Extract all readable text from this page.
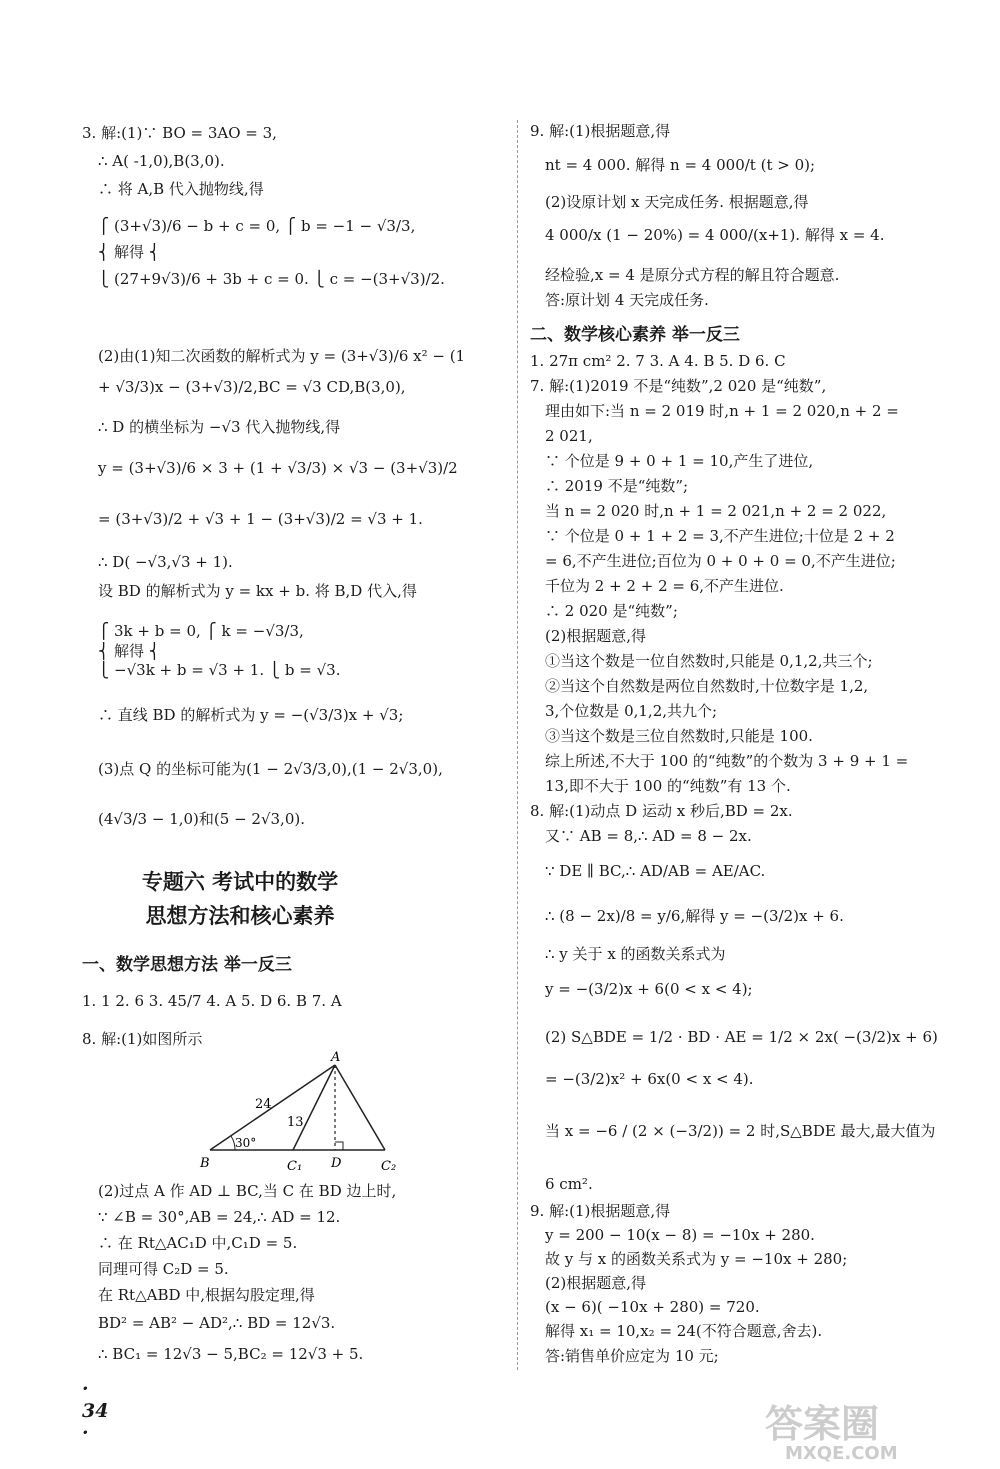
3. 解:(1)∵ BO = 3AO = 3,
∴ A( -1,0),B(3,0).
∴ 将 A,B 代入抛物线,得
⎧ (3+√3)/6 − b + c = 0, ⎧ b = −1 − √3/3,
⎨ 解得 ⎨
⎩ (27+9√3)/6 + 3b + c = 0. ⎩ c = −(3+√3)/2.
(2)由(1)知二次函数的解析式为 y = (3+√3)/6 x² − (1
+ √3/3)x − (3+√3)/2,BC = √3 CD,B(3,0),
∴ D 的横坐标为 −√3 代入抛物线,得
y = (3+√3)/6 × 3 + (1 + √3/3) × √3 − (3+√3)/2
= (3+√3)/2 + √3 + 1 − (3+√3)/2 = √3 + 1.
∴ D( −√3,√3 + 1).
设 BD 的解析式为 y = kx + b. 将 B,D 代入,得
⎧ 3k + b = 0, ⎧ k = −√3/3,
⎨ 解得 ⎨
⎩ −√3k + b = √3 + 1. ⎩ b = √3.
∴ 直线 BD 的解析式为 y = −(√3/3)x + √3;
(3)点 Q 的坐标可能为(1 − 2√3/3,0),(1 − 2√3,0),
(4√3/3 − 1,0)和(5 − 2√3,0).
专题六 考试中的数学
思想方法和核心素养
一、数学思想方法 举一反三
1. 1 2. 6 3. 45/7 4. A 5. D 6. B 7. A
8. 解:(1)如图所示
A
B	C₁ D	C₂
24
13
30°
(2)过点 A 作 AD ⊥ BC,当 C 在 BD 边上时,
∵ ∠B = 30°,AB = 24,∴ AD = 12.
∴ 在 Rt△AC₁D 中,C₁D = 5.
同理可得 C₂D = 5.
在 Rt△ABD 中,根据勾股定理,得
BD² = AB² − AD²,∴ BD = 12√3.
∴ BC₁ = 12√3 − 5,BC₂ = 12√3 + 5.
· 34 ·
9. 解:(1)根据题意,得
nt = 4 000. 解得 n = 4 000/t (t > 0);
(2)设原计划 x 天完成任务. 根据题意,得
4 000/x (1 − 20%) = 4 000/(x+1). 解得 x = 4.
经检验,x = 4 是原分式方程的解且符合题意.
答:原计划 4 天完成任务.
二、数学核心素养 举一反三
1. 27π cm² 2. 7 3. A 4. B 5. D 6. C
7. 解:(1)2019 不是“纯数”,2 020 是“纯数”,
理由如下:当 n = 2 019 时,n + 1 = 2 020,n + 2 =
2 021,
∵ 个位是 9 + 0 + 1 = 10,产生了进位,
∴ 2019 不是“纯数”;
当 n = 2 020 时,n + 1 = 2 021,n + 2 = 2 022,
∵ 个位是 0 + 1 + 2 = 3,不产生进位;十位是 2 + 2
= 6,不产生进位;百位为 0 + 0 + 0 = 0,不产生进位;
千位为 2 + 2 + 2 = 6,不产生进位.
∴ 2 020 是“纯数”;
(2)根据题意,得
①当这个数是一位自然数时,只能是 0,1,2,共三个;
②当这个自然数是两位自然数时,十位数字是 1,2,
3,个位数是 0,1,2,共九个;
③当这个数是三位自然数时,只能是 100.
综上所述,不大于 100 的“纯数”的个数为 3 + 9 + 1 =
13,即不大于 100 的“纯数”有 13 个.
8. 解:(1)动点 D 运动 x 秒后,BD = 2x.
又∵ AB = 8,∴ AD = 8 − 2x.
∵ DE ∥ BC,∴ AD/AB = AE/AC.
∴ (8 − 2x)/8 = y/6,解得 y = −(3/2)x + 6.
∴ y 关于 x 的函数关系式为
y = −(3/2)x + 6(0 < x < 4);
(2) S△BDE = 1/2 · BD · AE = 1/2 × 2x( −(3/2)x + 6)
= −(3/2)x² + 6x(0 < x < 4).
当 x = −6 / (2 × (−3/2)) = 2 时,S△BDE 最大,最大值为
6 cm².
9. 解:(1)根据题意,得
y = 200 − 10(x − 8) = −10x + 280.
故 y 与 x 的函数关系式为 y = −10x + 280;
(2)根据题意,得
(x − 6)( −10x + 280) = 720.
解得 x₁ = 10,x₂ = 24(不符合题意,舍去).
答:销售单价应定为 10 元;
答案圈
MXQE.COM
